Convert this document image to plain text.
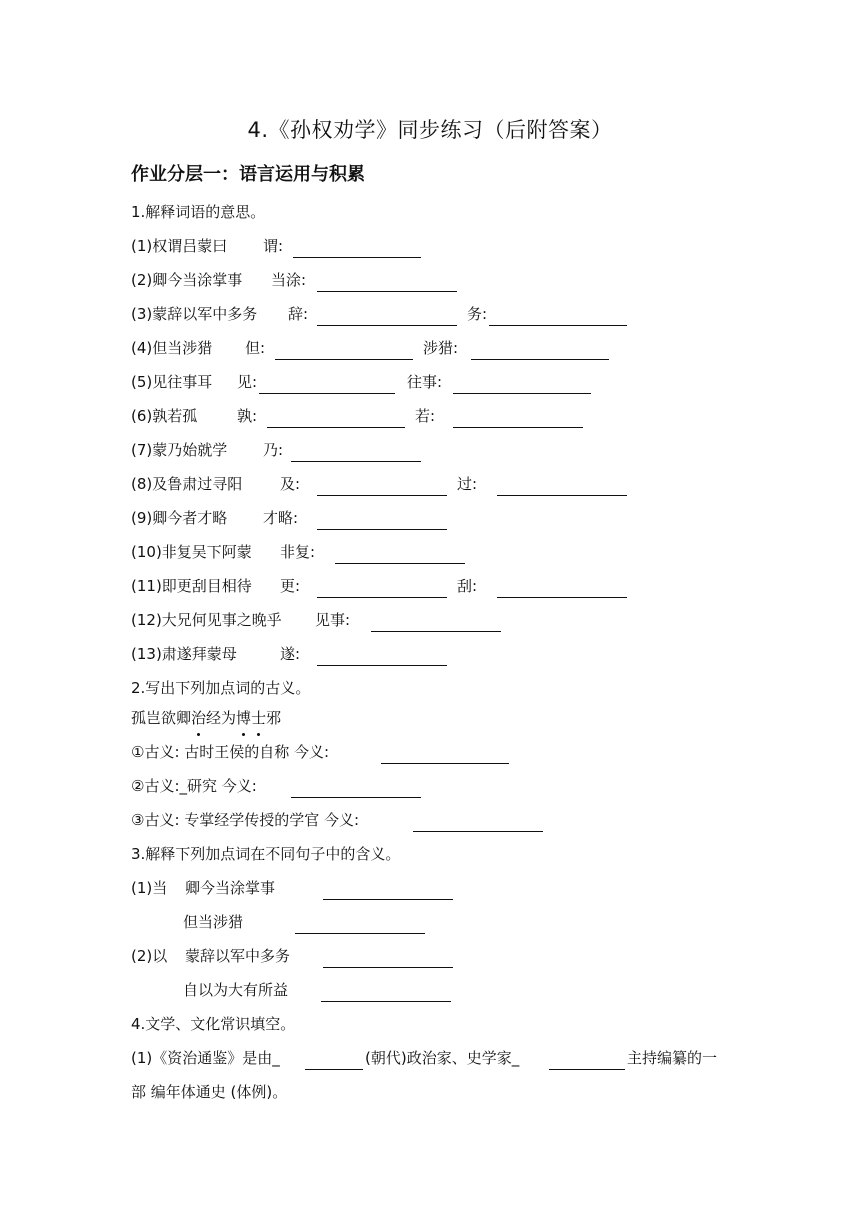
4.《孙权劝学》同步练习（后附答案）
作业分层一：语言运用与积累
1.解释词语的意思。
(1)权谓吕蒙曰 谓:
(2)卿今当涂掌事 当涂:
(3)蒙辞以军中多务 辞:	务:
(4)但当涉猎 但:	涉猎:
(5)见往事耳 见:	往事:
(6)孰若孤	孰:	若:
(7)蒙乃始就学 乃:
(8)及鲁肃过寻阳	及:	过:
(9)卿今者才略 才略:
(10)非复吴下阿蒙 非复:
(11)即更刮目相待 更:	刮:
(12)大兄何见事之晚乎 见事:
(13)肃遂拜蒙母	遂:
2.写出下列加点词的古义。
孤岂欲卿治经为博士邪
①古义: 古时王侯的自称 今义:
②古义:_研究 今义:
③古义: 专掌经学传授的学官 今义:
3.解释下列加点词在不同句子中的含义。
(1)当 卿今当涂掌事
但当涉猎
(2)以 蒙辞以军中多务
自以为大有所益
4.文学、文化常识填空。
(1)《资治通鉴》是由_	(朝代)政治家、史学家_	主持编纂的一
部 编年体通史 (体例)。
